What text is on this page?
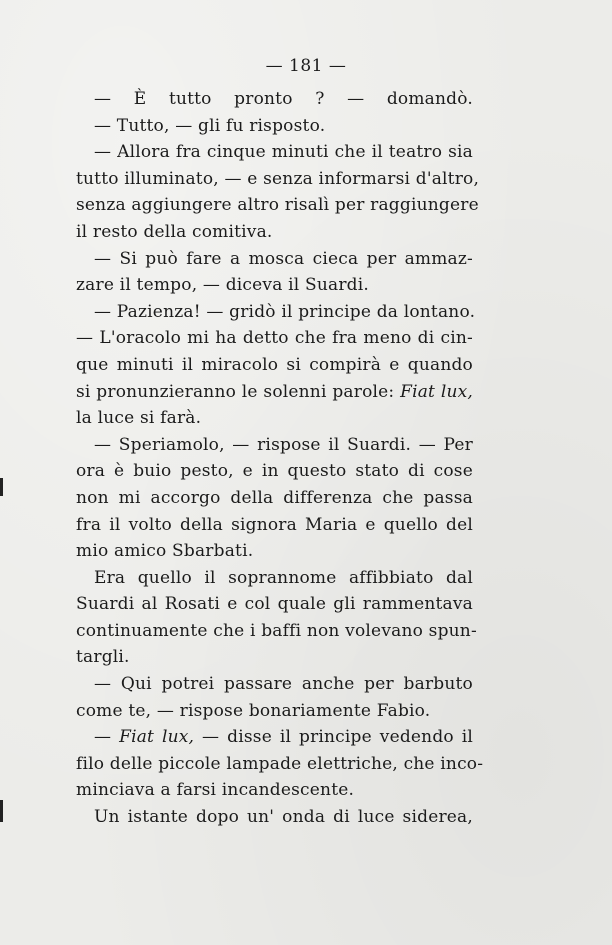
— 181 —
— È tutto pronto ? — domandò.
— Tutto, — gli fu risposto.
— Allora fra cinque minuti che il teatro sia
tutto illuminato, — e senza informarsi d'altro,
senza aggiungere altro risalì per raggiungere
il resto della comitiva.
— Si può fare a mosca cieca per ammaz-
zare il tempo, — diceva il Suardi.
— Pazienza! — gridò il principe da lontano.
— L'oracolo mi ha detto che fra meno di cin-
que minuti il miracolo si compirà e quando
si pronunzieranno le solenni parole: Fiat lux,
la luce si farà.
— Speriamolo, — rispose il Suardi. — Per
ora è buio pesto, e in questo stato di cose
non mi accorgo della differenza che passa
fra il volto della signora Maria e quello del
mio amico Sbarbati.
Era quello il soprannome affibbiato dal
Suardi al Rosati e col quale gli rammentava
continuamente che i baffi non volevano spun-
targli.
— Qui potrei passare anche per barbuto
come te, — rispose bonariamente Fabio.
— Fiat lux, — disse il principe vedendo il
filo delle piccole lampade elettriche, che inco-
minciava a farsi incandescente.
Un istante dopo un' onda di luce siderea,
